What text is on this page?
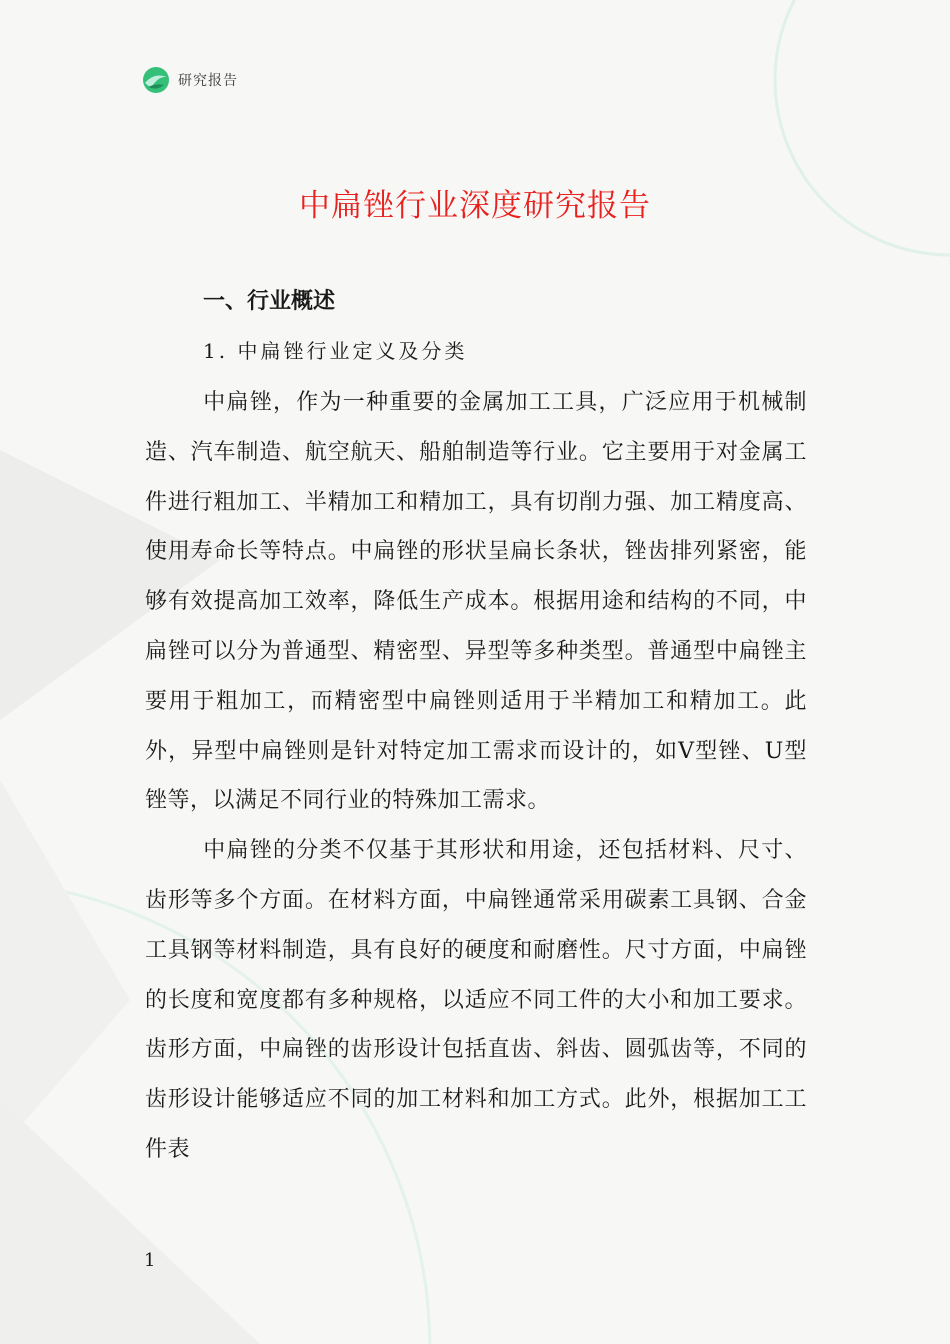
研究报告
中扁锉行业深度研究报告
一、行业概述
1. 中扁锉行业定义及分类

中扁锉，作为一种重要的金属加工工具，广泛应用于机械制造、汽车制造、航空航天、船舶制造等行业。它主要用于对金属工件进行粗加工、半精加工和精加工，具有切削力强、加工精度高、使用寿命长等特点。中扁锉的形状呈扁长条状，锉齿排列紧密，能够有效提高加工效率，降低生产成本。根据用途和结构的不同，中扁锉可以分为普通型、精密型、异型等多种类型。普通型中扁锉主要用于粗加工，而精密型中扁锉则适用于半精加工和精加工。此外，异型中扁锉则是针对特定加工需求而设计的，如V型锉、U型锉等，以满足不同行业的特殊加工需求。

中扁锉的分类不仅基于其形状和用途，还包括材料、尺寸、齿形等多个方面。在材料方面，中扁锉通常采用碳素工具钢、合金工具钢等材料制造，具有良好的硬度和耐磨性。尺寸方面，中扁锉的长度和宽度都有多种规格，以适应不同工件的大小和加工要求。齿形方面，中扁锉的齿形设计包括直齿、斜齿、圆弧齿等，不同的齿形设计能够适应不同的加工材料和加工方式。此外，根据加工工件表

1
